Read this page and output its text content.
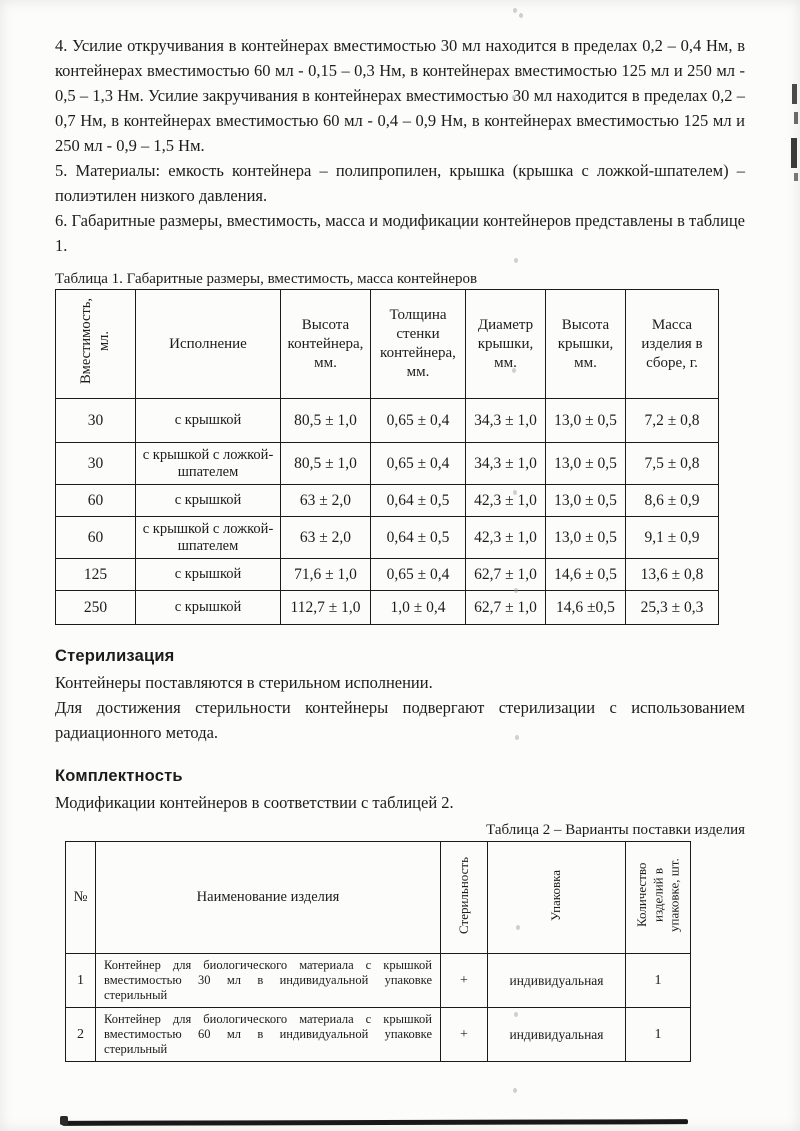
4. Усилие откручивания в контейнерах вместимостью 30 мл находится в пределах 0,2 – 0,4 Нм, в контейнерах вместимостью 60 мл - 0,15 – 0,3 Нм, в контейнерах вместимостью 125 мл и 250 мл - 0,5 – 1,3 Нм. Усилие закручивания в контейнерах вместимостью 30 мл находится в пределах 0,2 – 0,7 Нм, в контейнерах вместимостью 60 мл - 0,4 – 0,9 Нм, в контейнерах вместимостью 125 мл и 250 мл - 0,9 – 1,5 Нм.

5. Материалы: емкость контейнера – полипропилен, крышка (крышка с ложкой-шпателем) – полиэтилен низкого давления.

6. Габаритные размеры, вместимость, масса и модификации контейнеров представлены в таблице 1.

Таблица 1. Габаритные размеры, вместимость, масса контейнеров
Вместимость, мл.	Исполнение	Высота контейнера, мм.	Толщина стенки контейнера, мм.	Диаметр крышки, мм.	Высота крышки, мм.	Масса изделия в сборе, г.
30	с крышкой	80,5 ± 1,0	0,65 ± 0,4	34,3 ± 1,0	13,0 ± 0,5	7,2 ± 0,8
30	с крышкой с ложкой-шпателем	80,5 ± 1,0	0,65 ± 0,4	34,3 ± 1,0	13,0 ± 0,5	7,5 ± 0,8
60	с крышкой	63 ± 2,0	0,64 ± 0,5	42,3 ± 1,0	13,0 ± 0,5	8,6 ± 0,9
60	с крышкой с ложкой-шпателем	63 ± 2,0	0,64 ± 0,5	42,3 ± 1,0	13,0 ± 0,5	9,1 ± 0,9
125	с крышкой	71,6 ± 1,0	0,65 ± 0,4	62,7 ± 1,0	14,6 ± 0,5	13,6 ± 0,8
250	с крышкой	112,7 ± 1,0	1,0 ± 0,4	62,7 ± 1,0	14,6 ±0,5	25,3 ± 0,3
Стерилизация

Контейнеры поставляются в стерильном исполнении.

Для достижения стерильности контейнеры подвергают стерилизации с использованием радиационного метода.

Комплектность

Модификации контейнеров в соответствии с таблицей 2.

Таблица 2 – Варианты поставки изделия
№	Наименование изделия	Стерильность	Упаковка	Количество изделий в упаковке, шт.
1	Контейнер для биологического материала с крышкой вместимостью 30 мл в индивидуальной упаковке стерильный	+	индивидуальная	1
2	Контейнер для биологического материала с крышкой вместимостью 60 мл в индивидуальной упаковке стерильный	+	индивидуальная	1
